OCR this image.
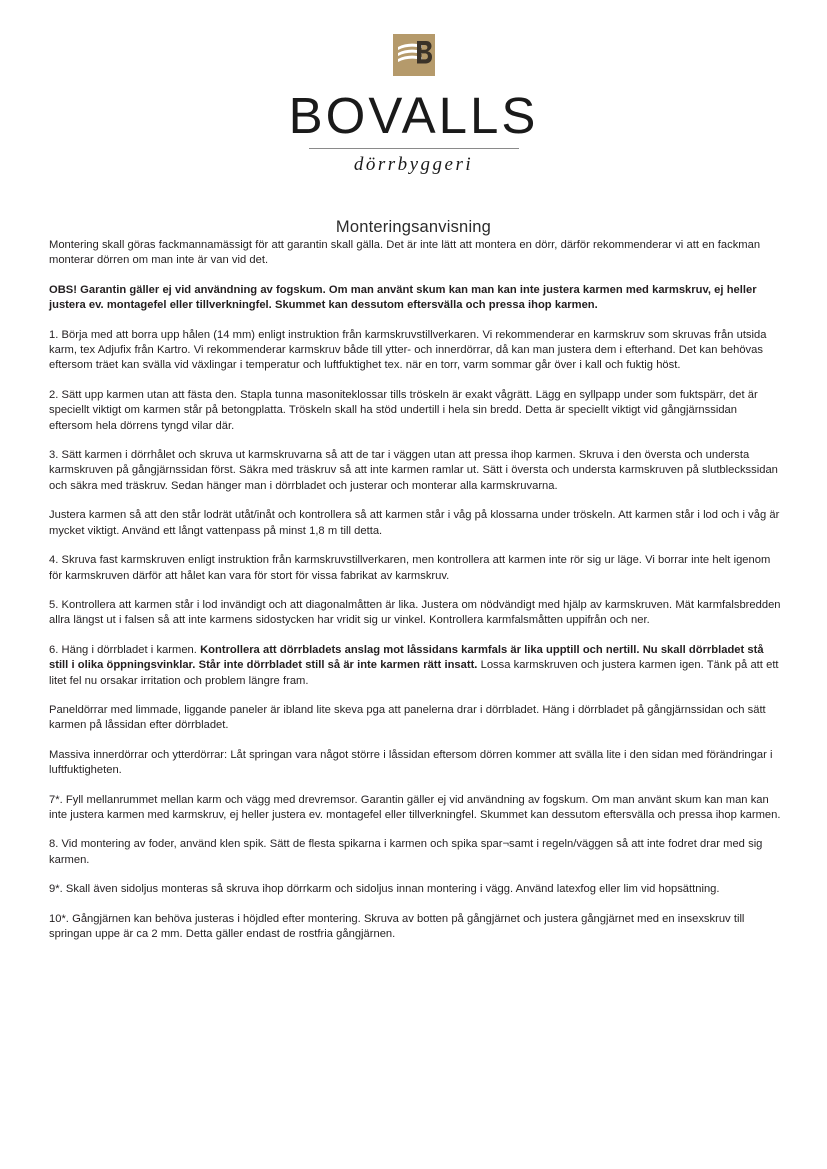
BOVALLS
dörrbyggeri
Monteringsanvisning

Montering skall göras fackmannamässigt för att garantin skall gälla. Det är inte lätt att montera en dörr, därför rekommenderar vi att en fackman monterar dörren om man inte är van vid det.

OBS! Garantin gäller ej vid användning av fogskum. Om man använt skum kan man kan inte justera karmen med karmskruv, ej heller justera ev. montagefel eller tillverkningfel. Skummet kan dessutom eftersvälla och pressa ihop karmen.

1. Börja med att borra upp hålen (14 mm) enligt instruktion från karmskruvstillverkaren. Vi rekommenderar en karmskruv som skruvas från utsida karm, tex Adjufix från Kartro. Vi rekommenderar karmskruv både till ytter- och innerdörrar, då kan man justera dem i efterhand. Det kan behövas eftersom träet kan svälla vid växlingar i temperatur och luftfuktighet tex. när en torr, varm sommar går över i kall och fuktig höst.

2. Sätt upp karmen utan att fästa den. Stapla tunna masoniteklossar tills tröskeln är exakt vågrätt. Lägg en syllpapp under som fuktspärr, det är speciellt viktigt om karmen står på betongplatta. Tröskeln skall ha stöd undertill i hela sin bredd. Detta är speciellt viktigt vid gångjärnssidan eftersom hela dörrens tyngd vilar där.

3. Sätt karmen i dörrhålet och skruva ut karmskruvarna så att de tar i väggen utan att pressa ihop karmen. Skruva i den översta och understa karmskruven på gångjärnssidan först. Säkra med träskruv så att inte karmen ramlar ut. Sätt i översta och understa karmskruven på slutbleckssidan och säkra med träskruv. Sedan hänger man i dörrbladet och justerar och monterar alla karmskruvarna.

Justera karmen så att den står lodrät utåt/inåt och kontrollera så att karmen står i våg på klossarna under tröskeln. Att karmen står i lod och i våg är mycket viktigt. Använd ett långt vattenpass på minst 1,8 m till detta.

4. Skruva fast karmskruven enligt instruktion från karmskruvstillverkaren, men kontrollera att karmen inte rör sig ur läge. Vi borrar inte helt igenom för karmskruven därför att hålet kan vara för stort för vissa fabrikat av karmskruv.

5. Kontrollera att karmen står i lod invändigt och att diagonalmåtten är lika. Justera om nödvändigt med hjälp av karmskruven. Mät karmfalsbredden allra längst ut i falsen så att inte karmens sidostycken har vridit sig ur vinkel. Kontrollera karmfalsmåtten uppifrån och ner.

6. Häng i dörrbladet i karmen. Kontrollera att dörrbladets anslag mot låssidans karmfals är lika upptill och nertill. Nu skall dörrbladet stå still i olika öppningsvinklar. Står inte dörrbladet still så är inte karmen rätt insatt. Lossa karmskruven och justera karmen igen. Tänk på att ett litet fel nu orsakar irritation och problem längre fram.

Paneldörrar med limmade, liggande paneler är ibland lite skeva pga att panelerna drar i dörrbladet. Häng i dörrbladet på gångjärnssidan och sätt karmen på låssidan efter dörrbladet.

Massiva innerdörrar och ytterdörrar: Låt springan vara något större i låssidan eftersom dörren kommer att svälla lite i den sidan med förändringar i luftfuktigheten.

7*. Fyll mellanrummet mellan karm och vägg med drevremsor. Garantin gäller ej vid användning av fogskum. Om man använt skum kan man kan inte justera karmen med karmskruv, ej heller justera ev. montagefel eller tillverkningfel. Skummet kan dessutom eftersvälla och pressa ihop karmen.

8. Vid montering av foder, använd klen spik. Sätt de flesta spikarna i karmen och spika spar¬samt i regeln/väggen så att inte fodret drar med sig karmen.

9*. Skall även sidoljus monteras så skruva ihop dörrkarm och sidoljus innan montering i vägg. Använd latexfog eller lim vid hopsättning.

10*. Gångjärnen kan behöva justeras i höjdled efter montering. Skruva av botten på gångjärnet och justera gångjärnet med en insexskruv till springan uppe är ca 2 mm. Detta gäller endast de rostfria gångjärnen.
